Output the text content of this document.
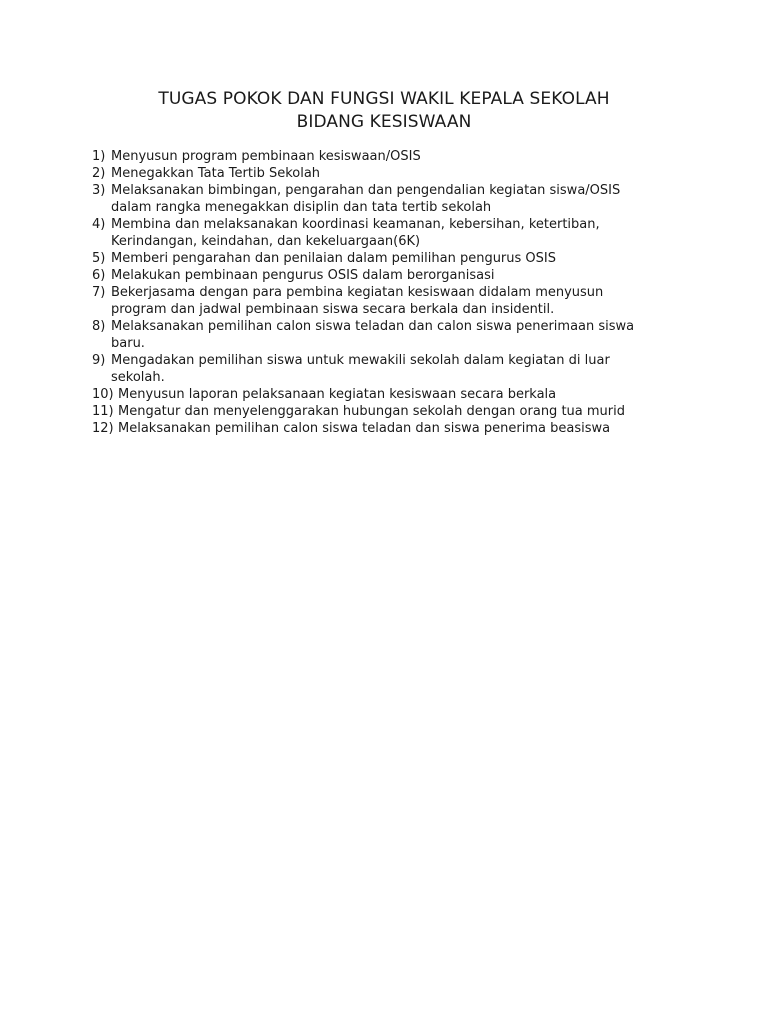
TUGAS POKOK DAN FUNGSI WAKIL KEPALA SEKOLAH
BIDANG KESISWAAN
1) Menyusun program pembinaan kesiswaan/OSIS
2) Menegakkan Tata Tertib Sekolah
3) Melaksanakan bimbingan, pengarahan dan pengendalian kegiatan siswa/OSIS
dalam rangka menegakkan disiplin dan tata tertib sekolah
4) Membina dan melaksanakan koordinasi keamanan, kebersihan, ketertiban,
Kerindangan, keindahan, dan kekeluargaan(6K)
5) Memberi pengarahan dan penilaian dalam pemilihan pengurus OSIS
6) Melakukan pembinaan pengurus OSIS dalam berorganisasi
7) Bekerjasama dengan para pembina kegiatan kesiswaan didalam menyusun
program dan jadwal pembinaan siswa secara berkala dan insidentil.
8) Melaksanakan pemilihan calon siswa teladan dan calon siswa penerimaan siswa
baru.
9) Mengadakan pemilihan siswa untuk mewakili sekolah dalam kegiatan di luar
sekolah.
10) Menyusun laporan pelaksanaan kegiatan kesiswaan secara berkala
11) Mengatur dan menyelenggarakan hubungan sekolah dengan orang tua murid
12) Melaksanakan pemilihan calon siswa teladan dan siswa penerima beasiswa
